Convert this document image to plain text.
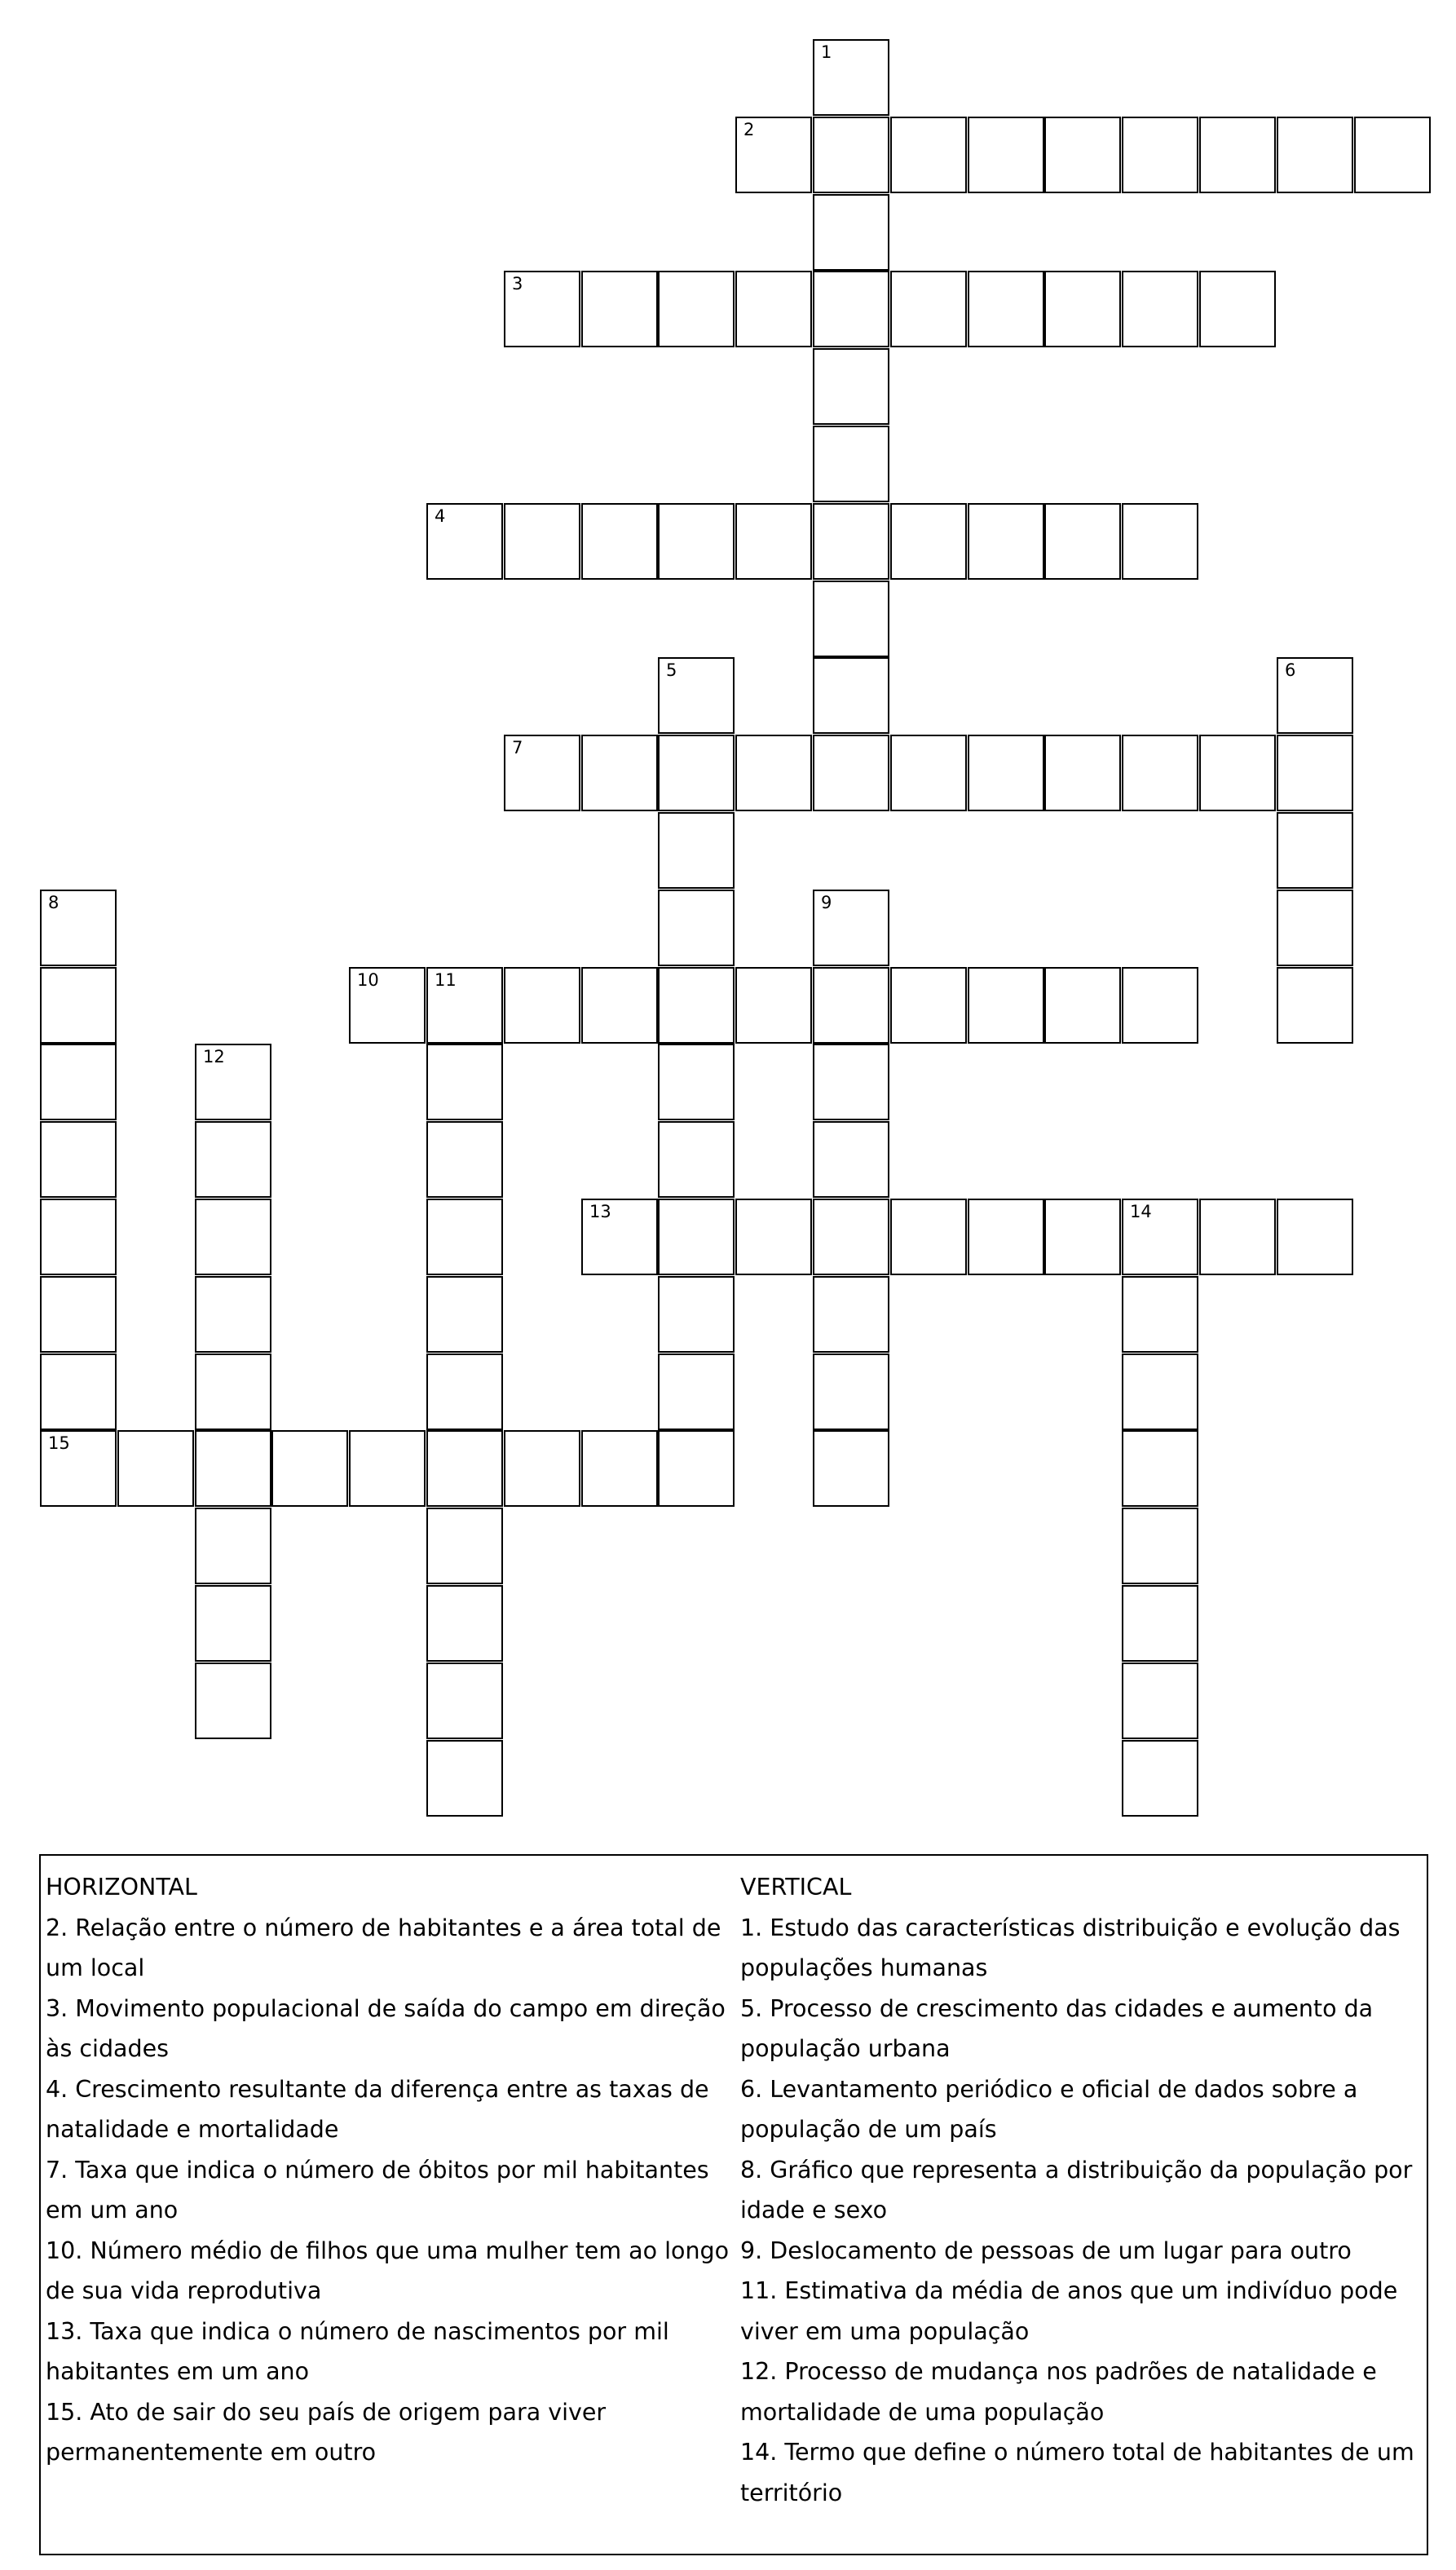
1
2
3
4
5	6
7
8	9
10	11
12
13	14
15
HORIZONTAL
2. Relação entre o número de habitantes e a área total de um local
3. Movimento populacional de saída do campo em direção às cidades
4. Crescimento resultante da diferença entre as taxas de natalidade e mortalidade
7. Taxa que indica o número de óbitos por mil habitantes em um ano
10. Número médio de filhos que uma mulher tem ao longo de sua vida reprodutiva
13. Taxa que indica o número de nascimentos por mil habitantes em um ano
15. Ato de sair do seu país de origem para viver permanentemente em outro
VERTICAL
1. Estudo das características distribuição e evolução das populações humanas
5. Processo de crescimento das cidades e aumento da população urbana
6. Levantamento periódico e oficial de dados sobre a população de um país
8. Gráfico que representa a distribuição da população por idade e sexo
9. Deslocamento de pessoas de um lugar para outro
11. Estimativa da média de anos que um indivíduo pode viver em uma população
12. Processo de mudança nos padrões de natalidade e mortalidade de uma população
14. Termo que define o número total de habitantes de um território
